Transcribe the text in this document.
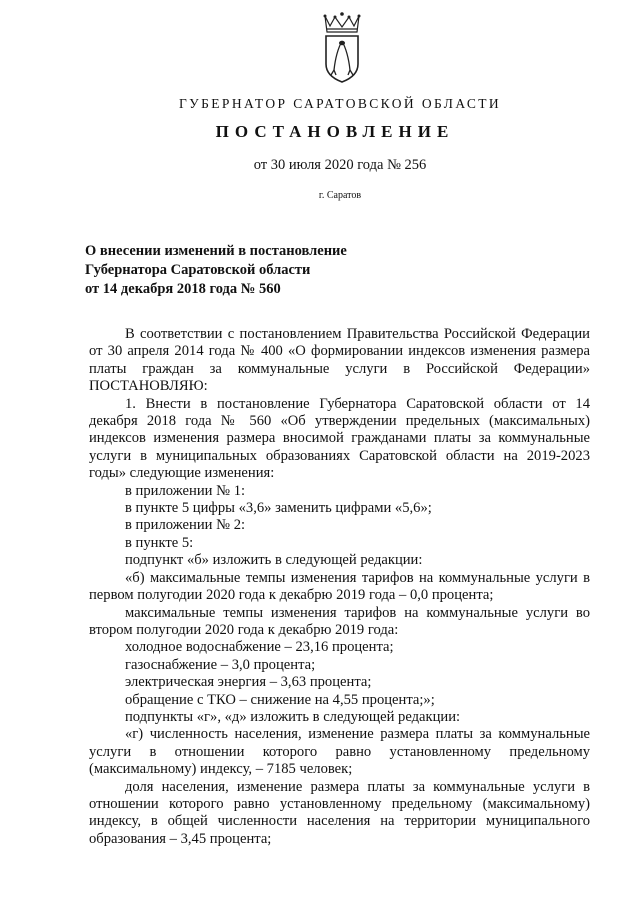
ГУБЕРНАТОР САРАТОВСКОЙ ОБЛАСТИ
ПОСТАНОВЛЕНИЕ
от 30 июля 2020 года № 256
г. Саратов
О внесении изменений в постановление
Губернатора Саратовской области
от 14 декабря 2018 года № 560

В соответствии с постановлением Правительства Российской Федерации от 30 апреля 2014 года № 400 «О формировании индексов изменения размера платы граждан за коммунальные услуги в Российской Федерации» ПОСТАНОВЛЯЮ:

1. Внести в постановление Губернатора Саратовской области от 14 декабря 2018 года № 560 «Об утверждении предельных (максимальных) индексов изменения размера вносимой гражданами платы за коммунальные услуги в муниципальных образованиях Саратовской области на 2019-2023 годы» следующие изменения:

в приложении № 1:

в пункте 5 цифры «3,6» заменить цифрами «5,6»;

в приложении № 2:

в пункте 5:

подпункт «б» изложить в следующей редакции:

«б) максимальные темпы изменения тарифов на коммунальные услуги в первом полугодии 2020 года к декабрю 2019 года – 0,0 процента;

максимальные темпы изменения тарифов на коммунальные услуги во втором полугодии 2020 года к декабрю 2019 года:

холодное водоснабжение – 23,16 процента;

газоснабжение – 3,0 процента;

электрическая энергия – 3,63 процента;

обращение с ТКО – снижение на 4,55 процента;»;

подпункты «г», «д» изложить в следующей редакции:

«г) численность населения, изменение размера платы за коммунальные услуги в отношении которого равно установленному предельному (максимальному) индексу, – 7185 человек;

доля населения, изменение размера платы за коммунальные услуги в отношении которого равно установленному предельному (максимальному) индексу, в общей численности населения на территории муниципального образования – 3,45 процента;
